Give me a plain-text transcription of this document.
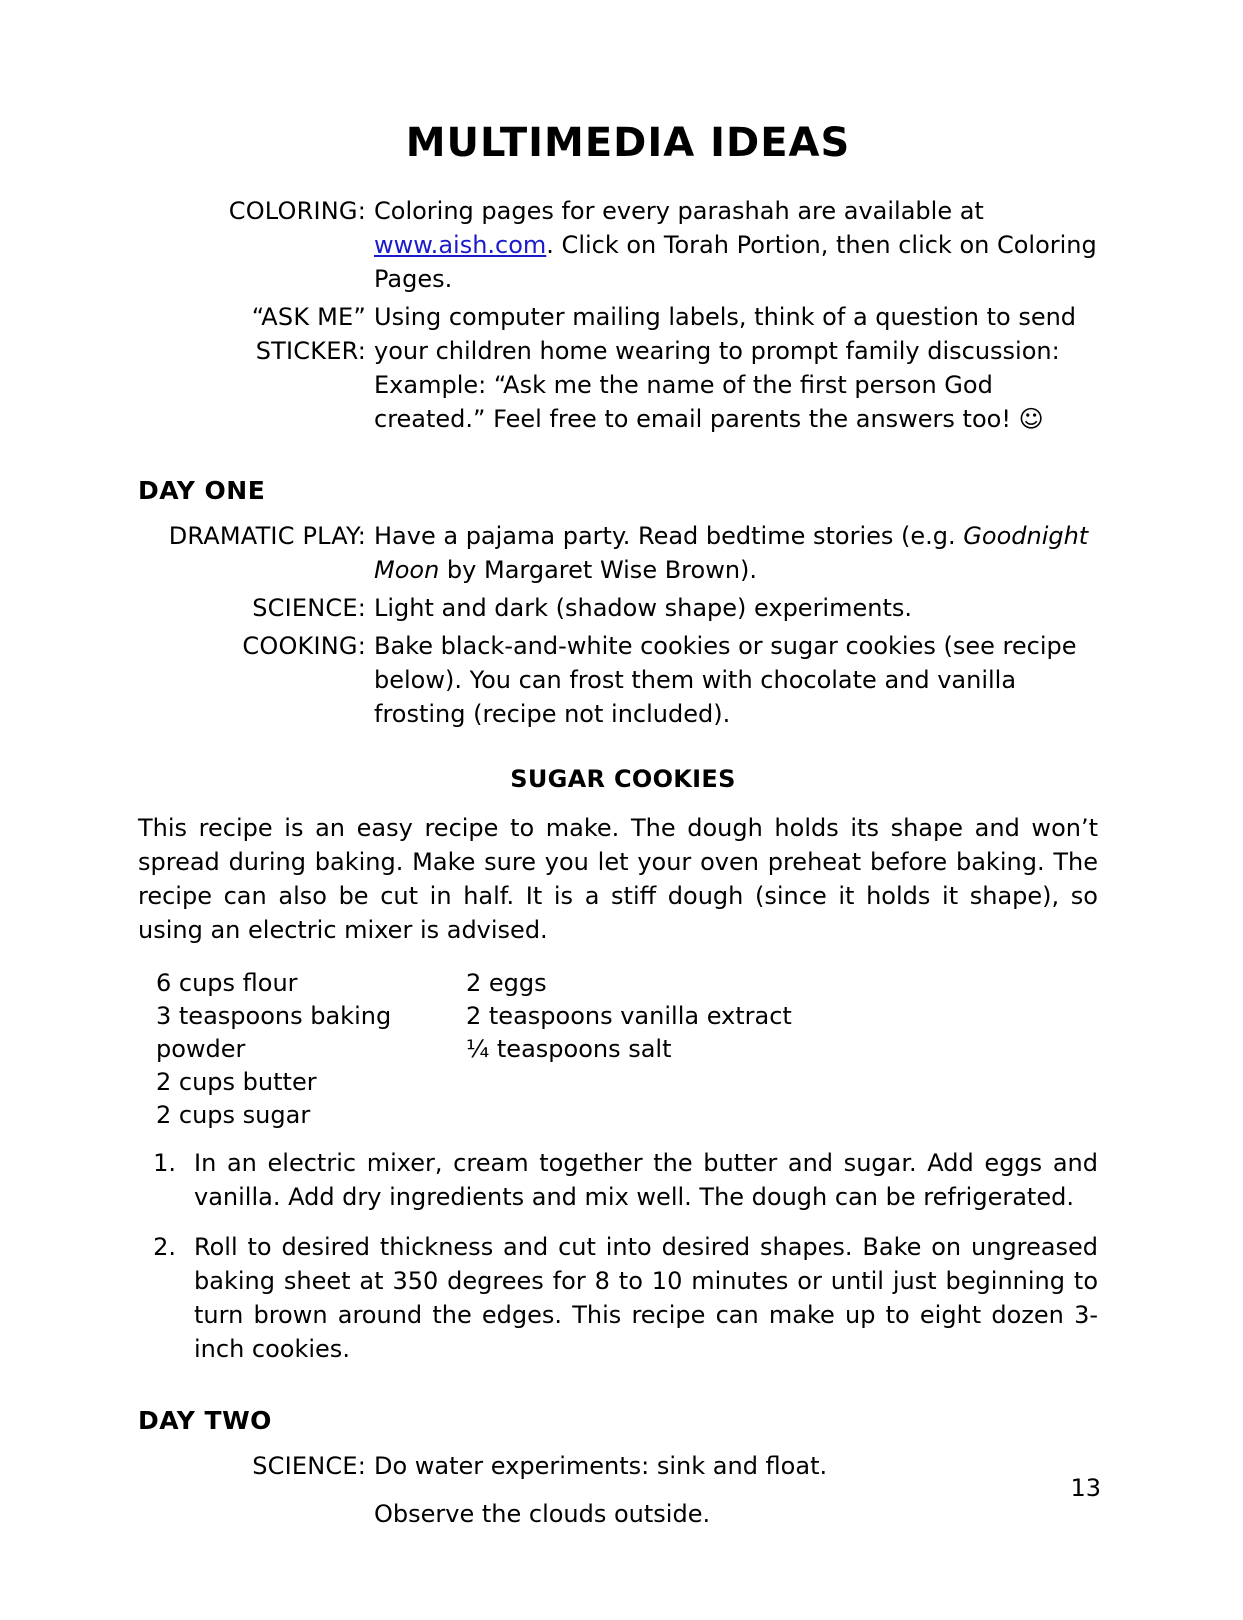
MULTIMEDIA IDEAS
COLORING: Coloring pages for every parashah are available at www.aish.com. Click on Torah Portion, then click on Coloring Pages.
“ASK ME” STICKER:
Using computer mailing labels, think of a question to send your children home wearing to prompt family discussion: Example: “Ask me the name of the first person God created.” Feel free to email parents the answers too! ☺
DAY ONE
DRAMATIC PLAY: Have a pajama party. Read bedtime stories (e.g. Goodnight Moon by Margaret Wise Brown).
SCIENCE: Light and dark (shadow shape) experiments.
COOKING: Bake black-and-white cookies or sugar cookies (see recipe below). You can frost them with chocolate and vanilla frosting (recipe not included).
SUGAR COOKIES

This recipe is an easy recipe to make. The dough holds its shape and won’t spread during baking. Make sure you let your oven preheat before baking. The recipe can also be cut in half. It is a stiff dough (since it holds it shape), so using an electric mixer is advised.

6 cups flour
3 teaspoons baking powder
2 cups butter
2 cups sugar
2 eggs
2 teaspoons vanilla extract
¼ teaspoons salt
1. In an electric mixer, cream together the butter and sugar. Add eggs and vanilla. Add dry ingredients and mix well. The dough can be refrigerated.
2. Roll to desired thickness and cut into desired shapes. Bake on ungreased baking sheet at 350 degrees for 8 to 10 minutes or until just beginning to turn brown around the edges. This recipe can make up to eight dozen 3-inch cookies.
DAY TWO
SCIENCE: Do water experiments: sink and float.
Observe the clouds outside.
13
